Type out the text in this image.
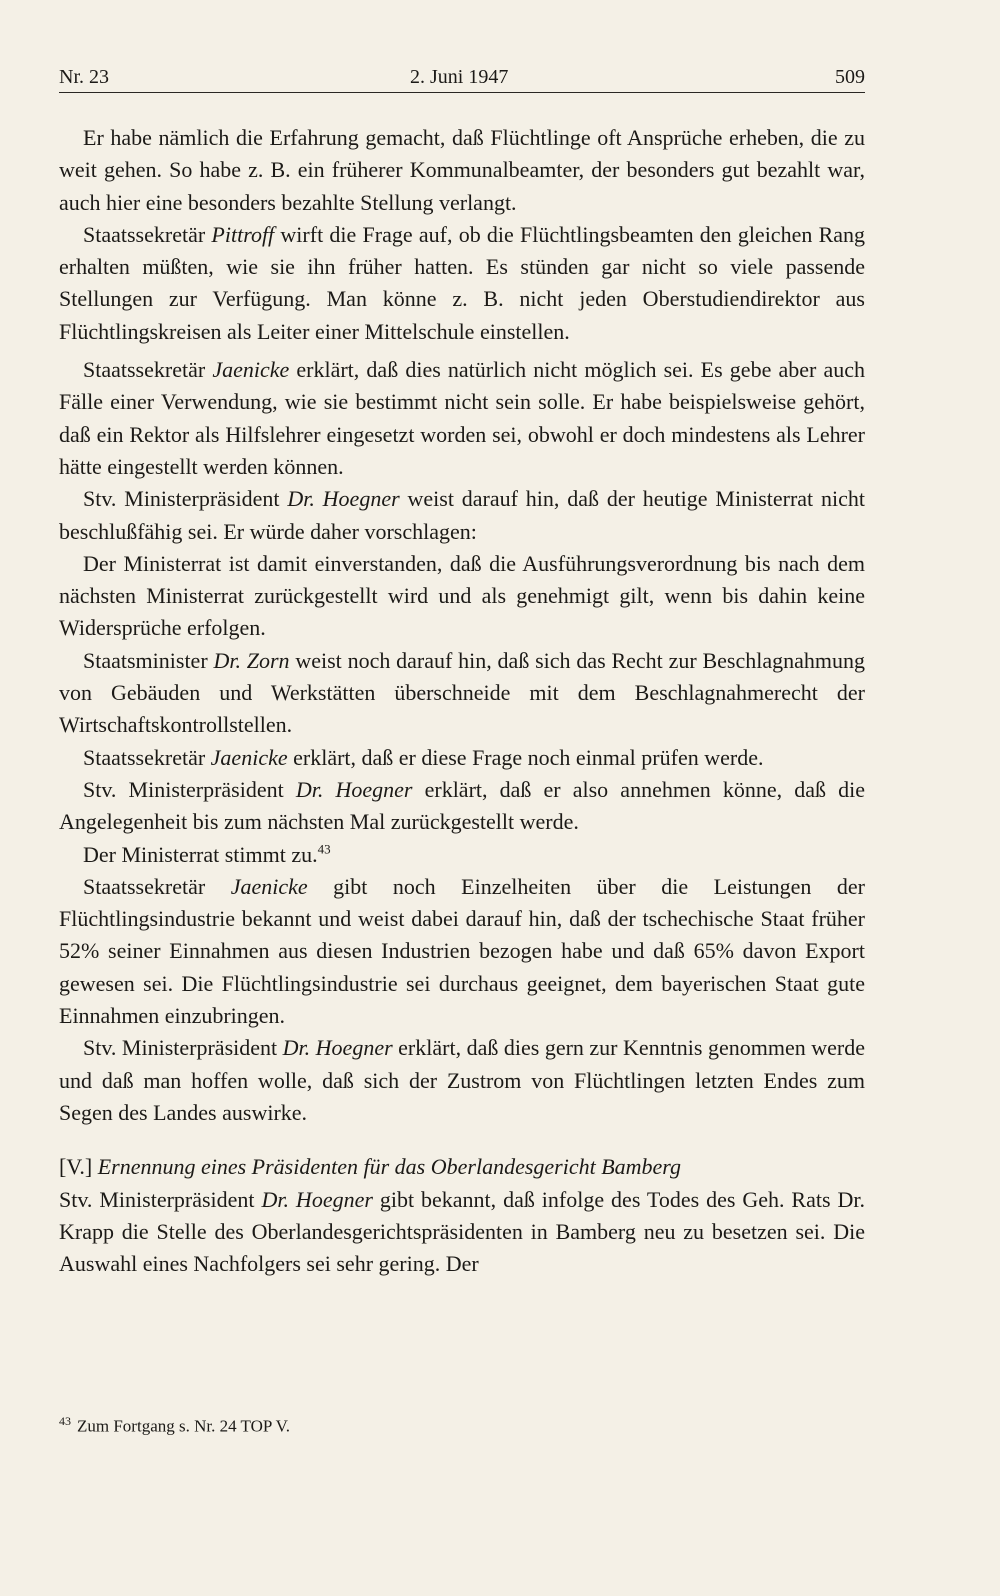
Nr. 23	2. Juni 1947	509

Er habe nämlich die Erfahrung gemacht, daß Flüchtlinge oft Ansprüche erheben, die zu weit gehen. So habe z. B. ein früherer Kommunalbeamter, der besonders gut bezahlt war, auch hier eine besonders bezahlte Stellung verlangt.

Staatssekretär Pittroff wirft die Frage auf, ob die Flüchtlingsbeamten den gleichen Rang erhalten müßten, wie sie ihn früher hatten. Es stünden gar nicht so viele passende Stellungen zur Verfügung. Man könne z. B. nicht jeden Oberstudiendirektor aus Flüchtlingskreisen als Leiter einer Mittelschule einstellen.

Staatssekretär Jaenicke erklärt, daß dies natürlich nicht möglich sei. Es gebe aber auch Fälle einer Verwendung, wie sie bestimmt nicht sein solle. Er habe beispielsweise gehört, daß ein Rektor als Hilfslehrer eingesetzt worden sei, obwohl er doch mindestens als Lehrer hätte eingestellt werden können.

Stv. Ministerpräsident Dr. Hoegner weist darauf hin, daß der heutige Ministerrat nicht beschlußfähig sei. Er würde daher vorschlagen:

Der Ministerrat ist damit einverstanden, daß die Ausführungsverordnung bis nach dem nächsten Ministerrat zurückgestellt wird und als genehmigt gilt, wenn bis dahin keine Widersprüche erfolgen.

Staatsminister Dr. Zorn weist noch darauf hin, daß sich das Recht zur Beschlagnahmung von Gebäuden und Werkstätten überschneide mit dem Beschlagnahmerecht der Wirtschaftskontrollstellen.

Staatssekretär Jaenicke erklärt, daß er diese Frage noch einmal prüfen werde.

Stv. Ministerpräsident Dr. Hoegner erklärt, daß er also annehmen könne, daß die Angelegenheit bis zum nächsten Mal zurückgestellt werde.

Der Ministerrat stimmt zu.$^{43}$

Staatssekretär Jaenicke gibt noch Einzelheiten über die Leistungen der Flüchtlingsindustrie bekannt und weist dabei darauf hin, daß der tschechische Staat früher 52% seiner Einnahmen aus diesen Industrien bezogen habe und daß 65% davon Export gewesen sei. Die Flüchtlingsindustrie sei durchaus geeignet, dem bayerischen Staat gute Einnahmen einzubringen.

Stv. Ministerpräsident Dr. Hoegner erklärt, daß dies gern zur Kenntnis genommen werde und daß man hoffen wolle, daß sich der Zustrom von Flüchtlingen letzten Endes zum Segen des Landes auswirke.

[V.] Ernennung eines Präsidenten für das Oberlandesgericht Bamberg

Stv. Ministerpräsident Dr. Hoegner gibt bekannt, daß infolge des Todes des Geh. Rats Dr. Krapp die Stelle des Oberlandesgerichtspräsidenten in Bamberg neu zu besetzen sei. Die Auswahl eines Nachfolgers sei sehr gering. Der

$^{43}$ Zum Fortgang s. Nr. 24 TOP V.
